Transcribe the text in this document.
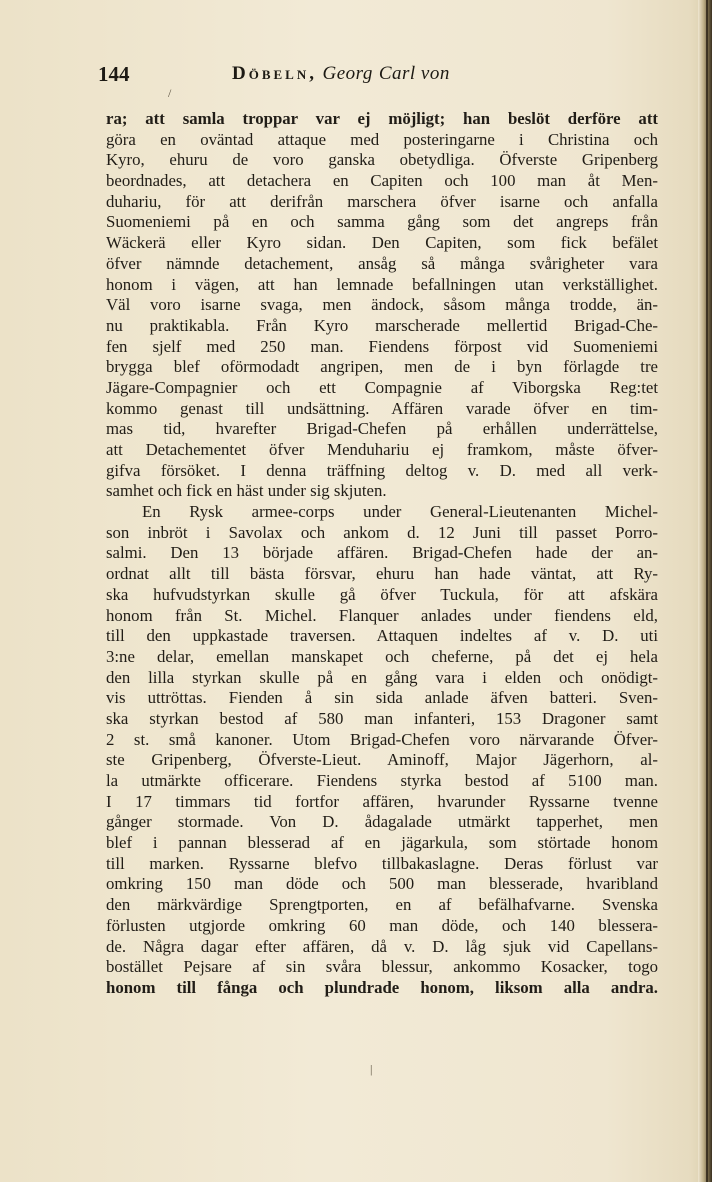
144	Döbeln, Georg Carl von
/
|
ra; att samla troppar var ej möjligt; han beslöt derföre att
göra en oväntad attaque med posteringarne i Christina och
Kyro, ehuru de voro ganska obetydliga. Öfverste Gripenberg
beordnades, att detachera en Capiten och 100 man åt Men-
duhariu, för att derifrån marschera öfver isarne och anfalla
Suomeniemi på en och samma gång som det angreps från
Wäckerä eller Kyro sidan. Den Capiten, som fick befälet
öfver nämnde detachement, ansåg så många svårigheter vara
honom i vägen, att han lemnade befallningen utan verkställighet.
Väl voro isarne svaga, men ändock, såsom många trodde, än-
nu praktikabla. Från Kyro marscherade mellertid Brigad-Che-
fen sjelf med 250 man. Fiendens förpost vid Suomeniemi
brygga blef oförmodadt angripen, men de i byn förlagde tre
Jägare-Compagnier och ett Compagnie af Viborgska Reg:tet
kommo genast till undsättning. Affären varade öfver en tim-
mas tid, hvarefter Brigad-Chefen på erhållen underrättelse,
att Detachementet öfver Menduhariu ej framkom, måste öfver-
gifva försöket. I denna träffning deltog v. D. med all verk-
samhet och fick en häst under sig skjuten.
En Rysk armee-corps under General-Lieutenanten Michel-
son inbröt i Savolax och ankom d. 12 Juni till passet Porro-
salmi. Den 13 började affären. Brigad-Chefen hade der an-
ordnat allt till bästa försvar, ehuru han hade väntat, att Ry-
ska hufvudstyrkan skulle gå öfver Tuckula, för att afskära
honom från St. Michel. Flanquer anlades under fiendens eld,
till den uppkastade traversen. Attaquen indeltes af v. D. uti
3:ne delar, emellan manskapet och cheferne, på det ej hela
den lilla styrkan skulle på en gång vara i elden och onödigt-
vis uttröttas. Fienden å sin sida anlade äfven batteri. Sven-
ska styrkan bestod af 580 man infanteri, 153 Dragoner samt
2 st. små kanoner. Utom Brigad-Chefen voro närvarande Öfver-
ste Gripenberg, Öfverste-Lieut. Aminoff, Major Jägerhorn, al-
la utmärkte officerare. Fiendens styrka bestod af 5100 man.
I 17 timmars tid fortfor affären, hvarunder Ryssarne tvenne
gånger stormade. Von D. ådagalade utmärkt tapperhet, men
blef i pannan blesserad af en jägarkula, som störtade honom
till marken. Ryssarne blefvo tillbakaslagne. Deras förlust var
omkring 150 man döde och 500 man blesserade, hvaribland
den märkvärdige Sprengtporten, en af befälhafvarne. Svenska
förlusten utgjorde omkring 60 man döde, och 140 blessera-
de. Några dagar efter affären, då v. D. låg sjuk vid Capellans-
bostället Pejsare af sin svåra blessur, ankommo Kosacker, togo
honom till fånga och plundrade honom, liksom alla andra.
